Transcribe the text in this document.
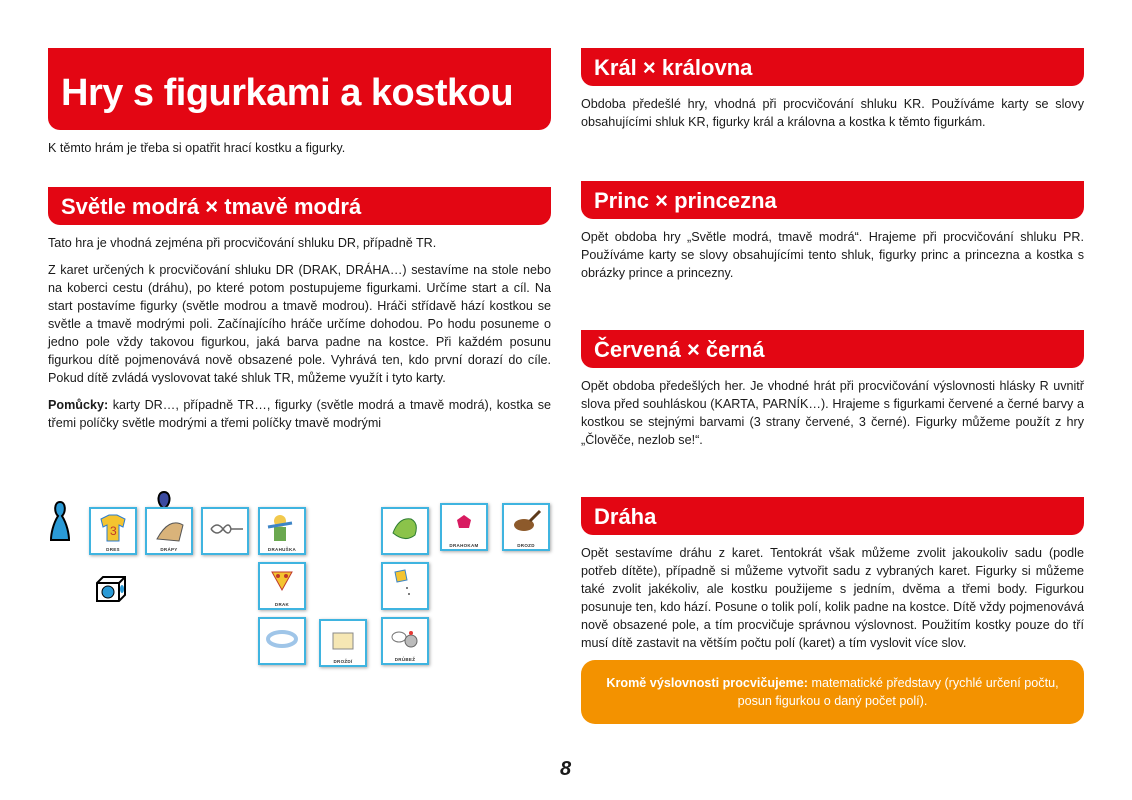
Hry s figurkami a kostkou
K těmto hrám je třeba si opatřit hrací kostku a figurky.
Světle modrá × tmavě modrá

Tato hra je vhodná zejména při procvičování shluku DR, případně TR.

Z karet určených k procvičování shluku DR (DRAK, DRÁHA…) sestavíme na stole nebo na koberci cestu (dráhu), po které potom postupujeme figurkami. Určíme start a cíl. Na start postavíme figurky (světle modrou a tmavě modrou). Hráči střídavě hází kostkou se světle a tmavě modrými poli. Začínajícího hráče určíme dohodou. Po hodu posuneme o jedno pole vždy takovou figurkou, jaká barva padne na kostce. Při každém posunu figurkou dítě pojmenovává nově obsazené pole. Vyhrává ten, kdo první dorazí do cíle. Pokud dítě zvládá vyslovovat také shluk TR, můžeme využít i tyto karty.

Pomůcky: karty DR…, případně TR…, figurky (světle modrá a tmavě modrá), kostka se třemi políčky světle modrými a třemi políčky tmavě modrými

3
DRES	DRÁPY	DRAHUŠKA
DRAHOKAM	DROZD
DRAK
DROŽDÍ	DRŮBEŽ
Král × královna
Obdoba předešlé hry, vhodná při procvičování shluku KR. Používáme karty se slovy obsahujícími shluk KR, figurky král a královna a kostka k těmto figurkám.
Princ × princezna
Opět obdoba hry „Světle modrá, tmavě modrá“. Hrajeme při procvičování shluku PR. Používáme karty se slovy obsahujícími tento shluk, figurky princ a princezna a kostka s obrázky prince a princezny.
Červená × černá
Opět obdoba předešlých her. Je vhodné hrát při procvičování výslovnosti hlásky R uvnitř slova před souhláskou (KARTA, PARNÍK…). Hrajeme s figurkami červené a černé barvy a kostkou se stejnými barvami (3 strany červené, 3 černé). Figurky můžeme použít z hry „Člověče, nezlob se!“.
Dráha
Opět sestavíme dráhu z karet. Tentokrát však můžeme zvolit jakoukoliv sadu (podle potřeb dítěte), případně si můžeme vytvořit sadu z vybraných karet. Figurky si můžeme také zvolit jakékoliv, ale kostku použijeme s jedním, dvěma a třemi body. Figurkou posunuje ten, kdo hází. Posune o tolik polí, kolik padne na kostce. Dítě vždy pojmenovává nově obsazené pole, a tím procvičuje správnou výslovnost. Použitím kostky pouze do tří musí dítě zastavit na větším počtu polí (karet) a tím vyslovit více slov.
Kromě výslovnosti procvičujeme: matematické představy (rychlé určení počtu, posun figurkou o daný počet polí).
8
